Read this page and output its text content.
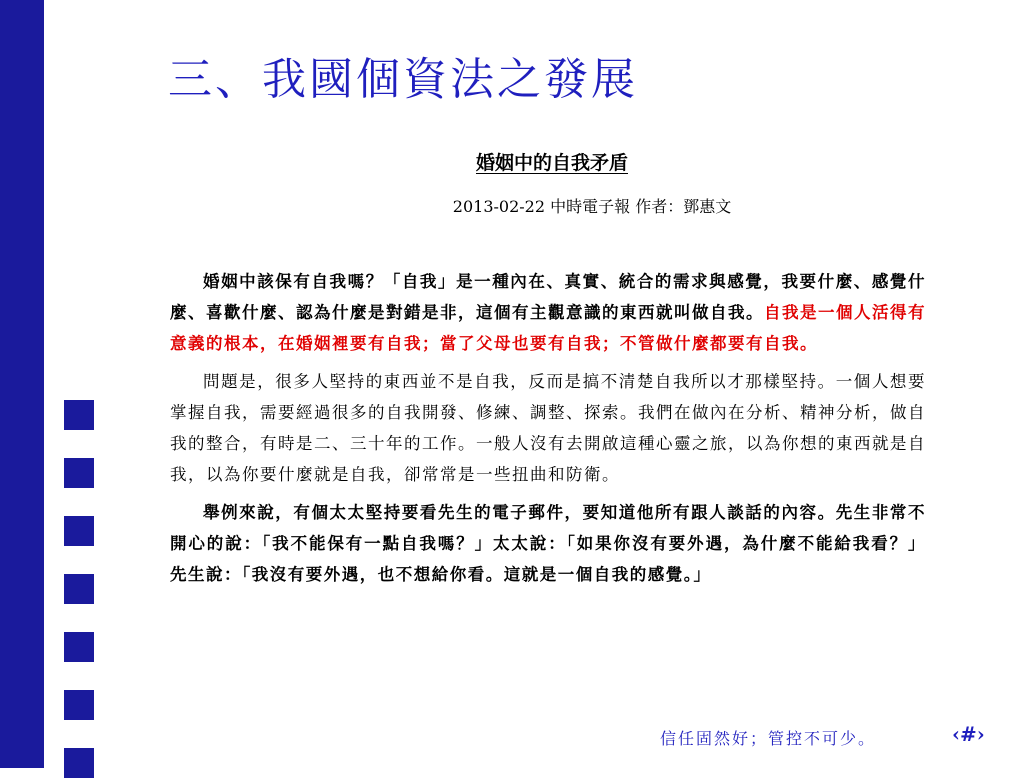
三、我國個資法之發展
婚姻中的自我矛盾
2013-02-22 中時電子報 作者：鄧惠文

婚姻中該保有自我嗎？「自我」是一種內在、真實、統合的需求與感覺，我要什麼、感覺什麼、喜歡什麼、認為什麼是對錯是非，這個有主觀意識的東西就叫做自我。自我是一個人活得有意義的根本，在婚姻裡要有自我；當了父母也要有自我；不管做什麼都要有自我。

問題是，很多人堅持的東西並不是自我，反而是搞不清楚自我所以才那樣堅持。一個人想要掌握自我，需要經過很多的自我開發、修練、調整、探索。我們在做內在分析、精神分析，做自我的整合，有時是二、三十年的工作。一般人沒有去開啟這種心靈之旅，以為你想的東西就是自我，以為你要什麼就是自我，卻常常是一些扭曲和防衛。

舉例來說，有個太太堅持要看先生的電子郵件，要知道他所有跟人談話的內容。先生非常不開心的說：「我不能保有一點自我嗎？」太太說：「如果你沒有要外遇，為什麼不能給我看？」先生說：「我沒有要外遇，也不想給你看。這就是一個自我的感覺。」

信任固然好；管控不可少。	‹#›
